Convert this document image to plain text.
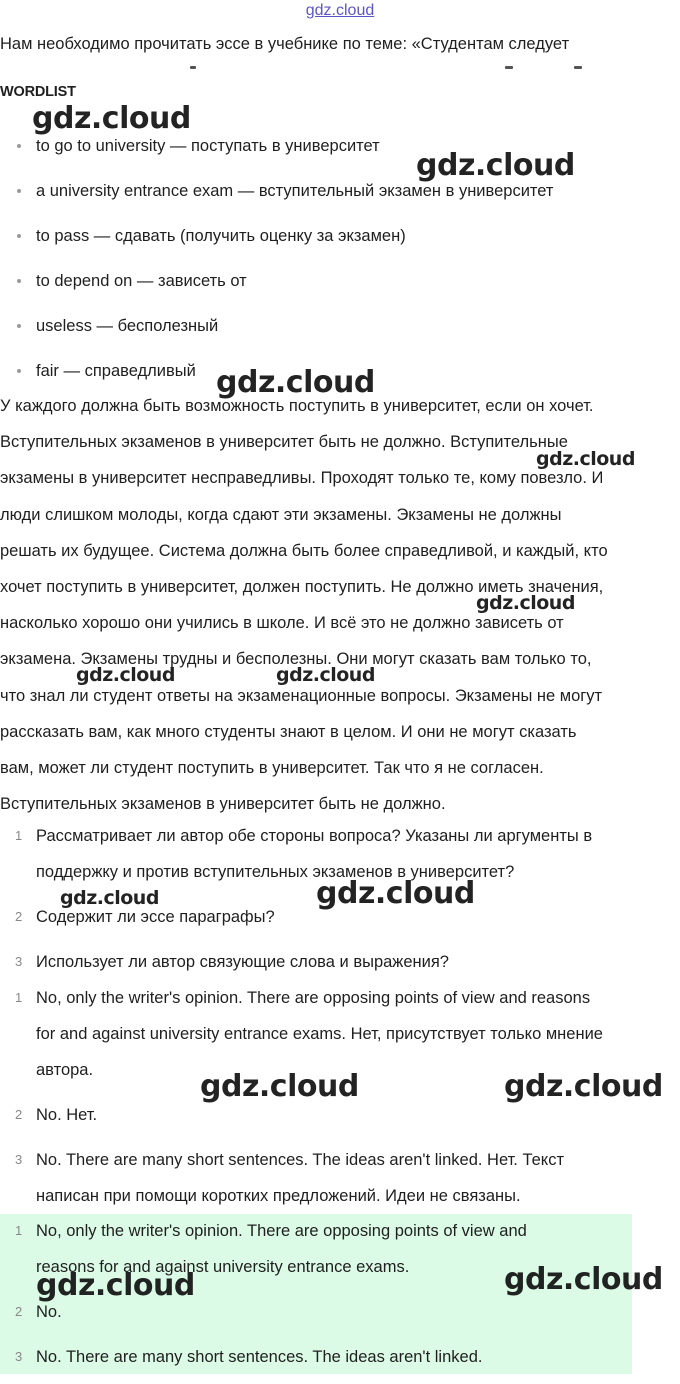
gdz.cloud
Нам необходимо прочитать эссе в учебнике по теме: «Студентам следует
WORDLIST
to go to university — поступать в университет
a university entrance exam — вступительный экзамен в университет
to pass — сдавать (получить оценку за экзамен)
to depend on — зависеть от
useless — бесполезный
fair — справедливый

У каждого должна быть возможность поступить в университет, если он хочет.
Вступительных экзаменов в университет быть не должно. Вступительные
экзамены в университет несправедливы. Проходят только те, кому повезло. И
люди слишком молоды, когда сдают эти экзамены. Экзамены не должны
решать их будущее. Система должна быть более справедливой, и каждый, кто
хочет поступить в университет, должен поступить. Не должно иметь значения,
насколько хорошо они учились в школе. И всё это не должно зависеть от
экзамена. Экзамены трудны и бесполезны. Они могут сказать вам только то,
что знал ли студент ответы на экзаменационные вопросы. Экзамены не могут
рассказать вам, как много студенты знают в целом. И они не могут сказать
вам, может ли студент поступить в университет. Так что я не согласен.
Вступительных экзаменов в университет быть не должно.

1 Рассматривает ли автор обе стороны вопроса? Указаны ли аргументы в
поддержку и против вступительных экзаменов в университет?
2 Содержит ли эссе параграфы?
3 Использует ли автор связующие слова и выражения?
1 No, only the writer's opinion. There are opposing points of view and reasons
for and against university entrance exams. Нет, присутствует только мнение
автора.
2 No. Нет.
3 No. There are many short sentences. The ideas aren't linked. Нет. Текст
написан при помощи коротких предложений. Идеи не связаны.
1 No, only the writer's opinion. There are opposing points of view and
reasons for and against university entrance exams.
2 No.
3 No. There are many short sentences. The ideas aren't linked.
gdz.cloud
gdz.cloud
gdz.cloud
gdz.cloud
gdz.cloud
gdz.cloud	gdz.cloud
gdz.cloud	gdz.cloud
gdz.cloud	gdz.cloud
gdz.cloud	gdz.cloud
